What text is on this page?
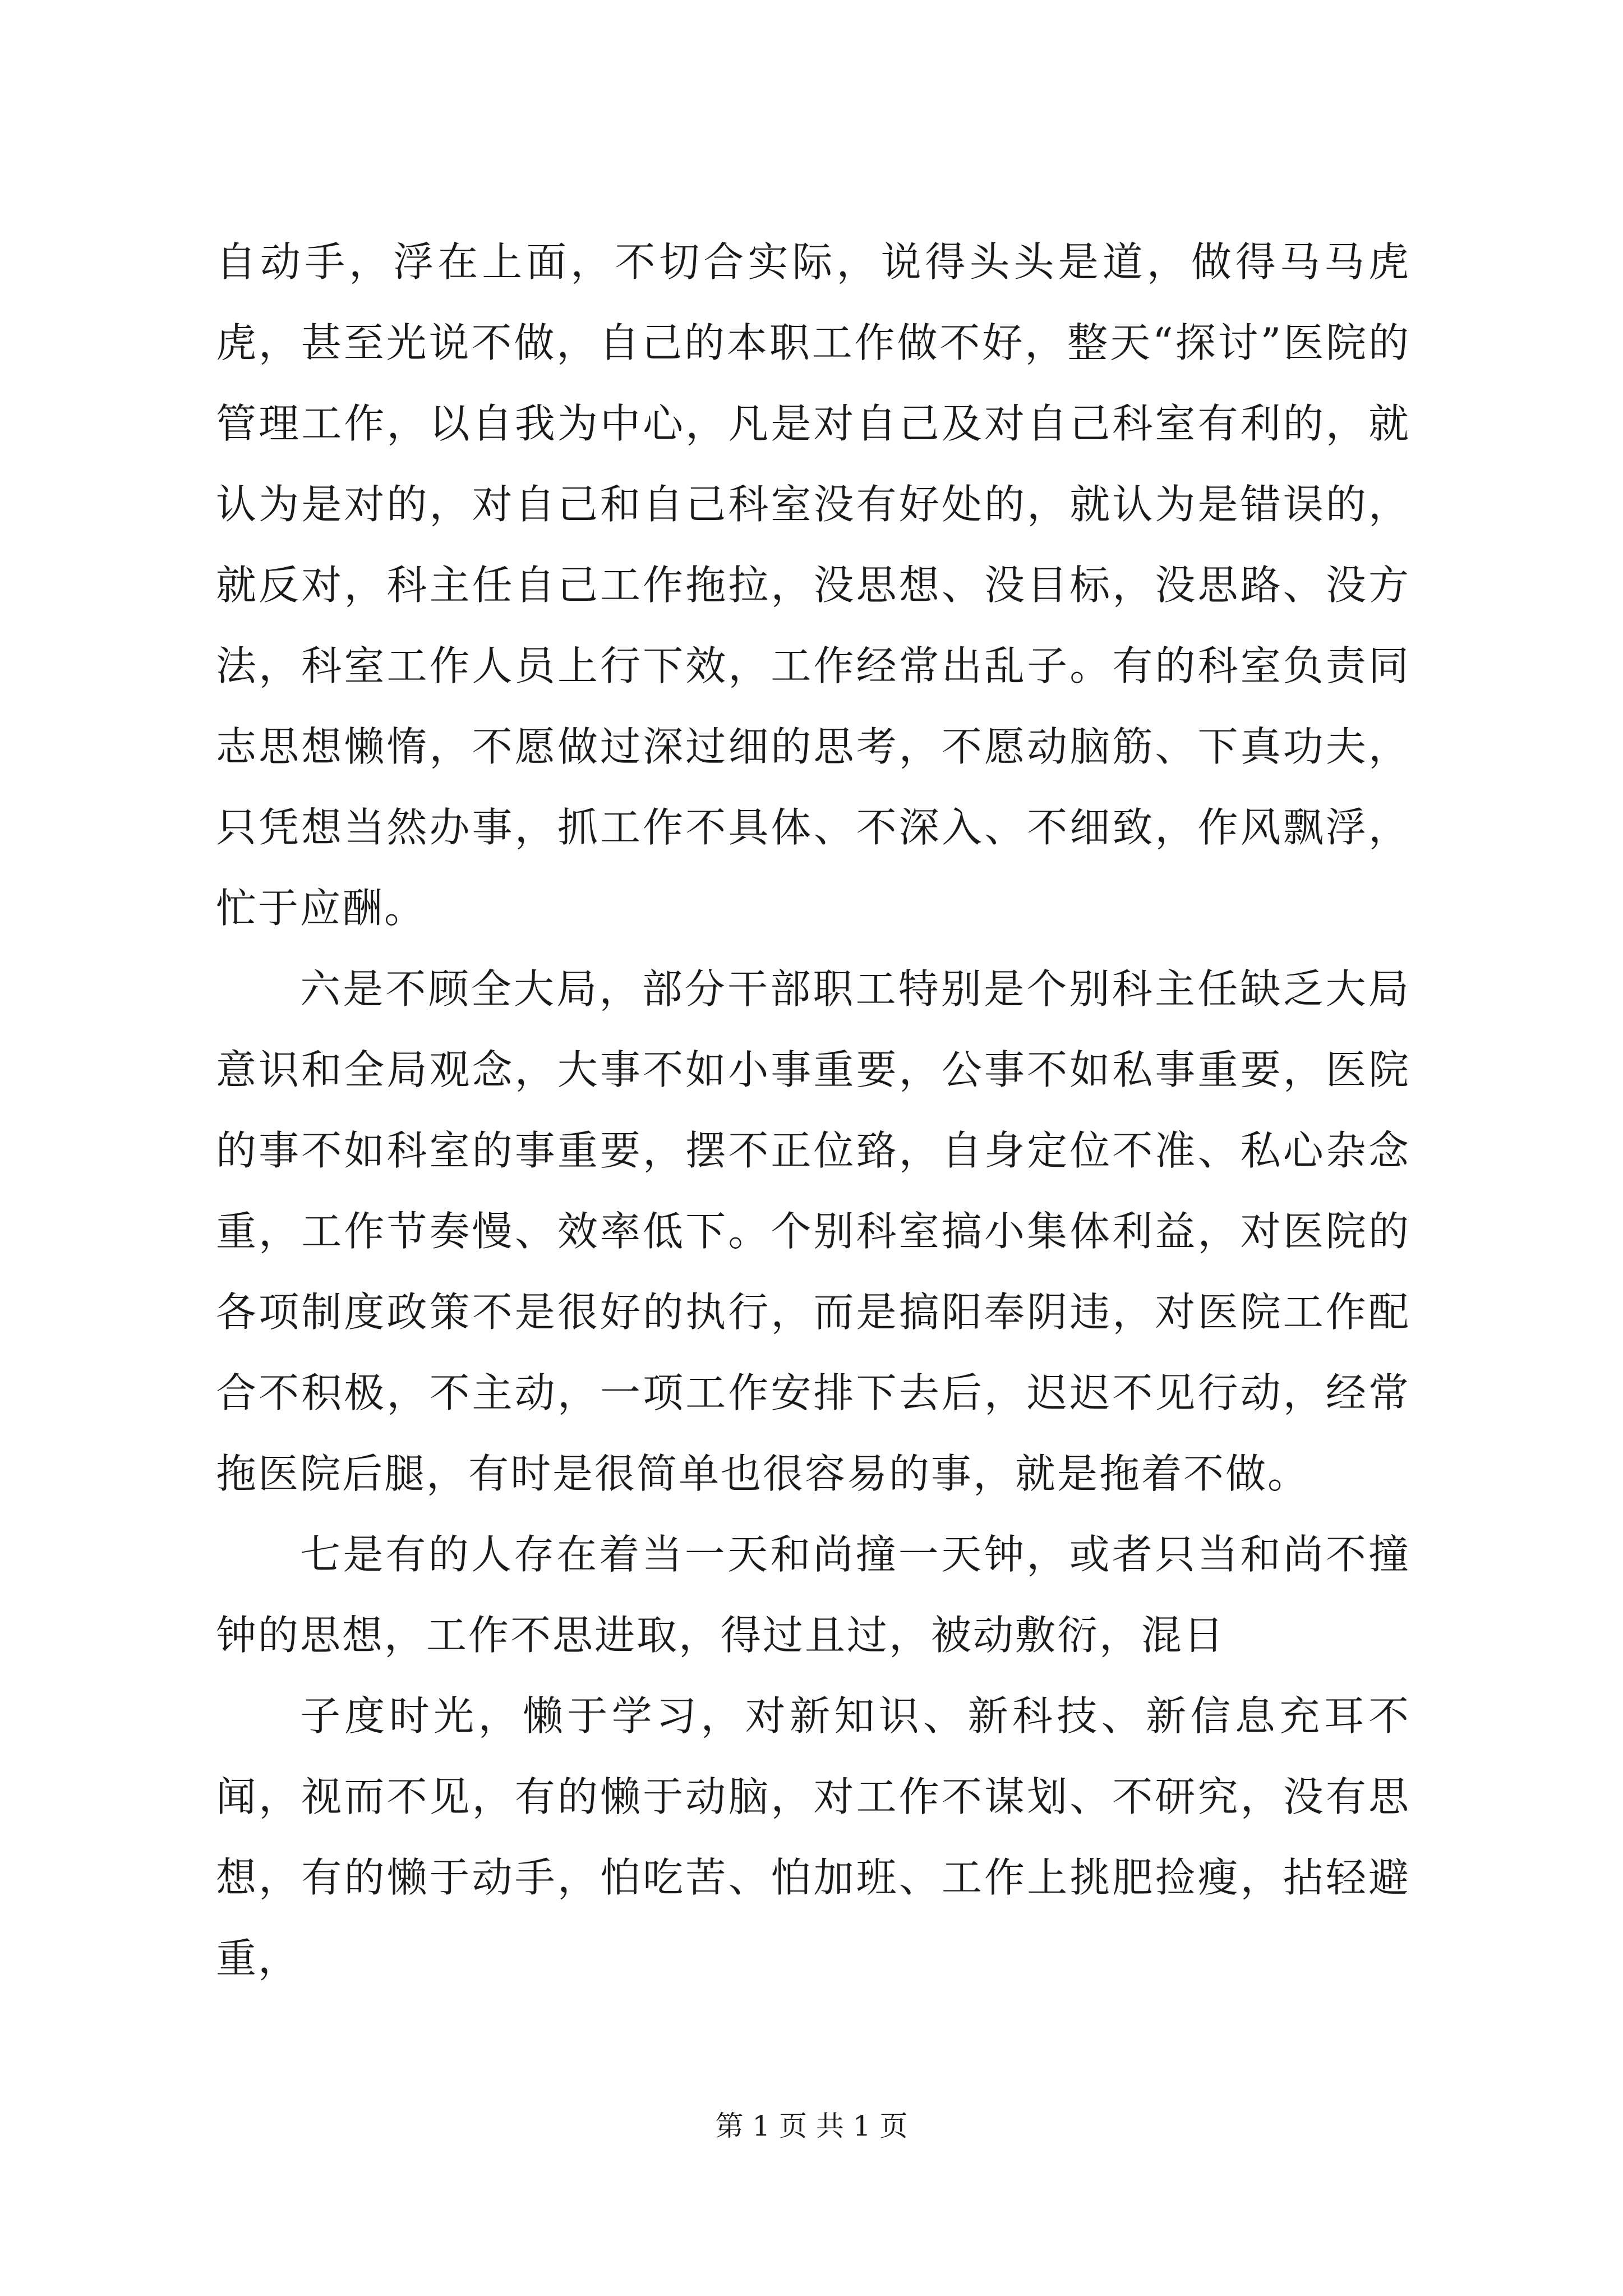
自动手，浮在上面，不切合实际，说得头头是道，做得马马虎虎，甚至光说不做，自己的本职工作做不好，整天“探讨”医院的管理工作，以自我为中心，凡是对自己及对自己科室有利的，就认为是对的，对自己和自己科室没有好处的，就认为是错误的，就反对，科主任自己工作拖拉，没思想、没目标，没思路、没方法，科室工作人员上行下效，工作经常出乱子。有的科室负责同志思想懒惰，不愿做过深过细的思考，不愿动脑筋、下真功夫，只凭想当然办事，抓工作不具体、不深入、不细致，作风飘浮，忙于应酬。

六是不顾全大局，部分干部职工特别是个别科主任缺乏大局意识和全局观念，大事不如小事重要，公事不如私事重要，医院的事不如科室的事重要，摆不正位臵，自身定位不准、私心杂念重，工作节奏慢、效率低下。个别科室搞小集体利益，对医院的各项制度政策不是很好的执行，而是搞阳奉阴违，对医院工作配合不积极，不主动，一项工作安排下去后，迟迟不见行动，经常拖医院后腿，有时是很简单也很容易的事，就是拖着不做。

七是有的人存在着当一天和尚撞一天钟，或者只当和尚不撞钟的思想，工作不思进取，得过且过，被动敷衍，混日

子度时光，懒于学习，对新知识、新科技、新信息充耳不闻，视而不见，有的懒于动脑，对工作不谋划、不研究，没有思想，有的懒于动手，怕吃苦、怕加班、工作上挑肥捡瘦，拈轻避重，

第 1 页 共 1 页
